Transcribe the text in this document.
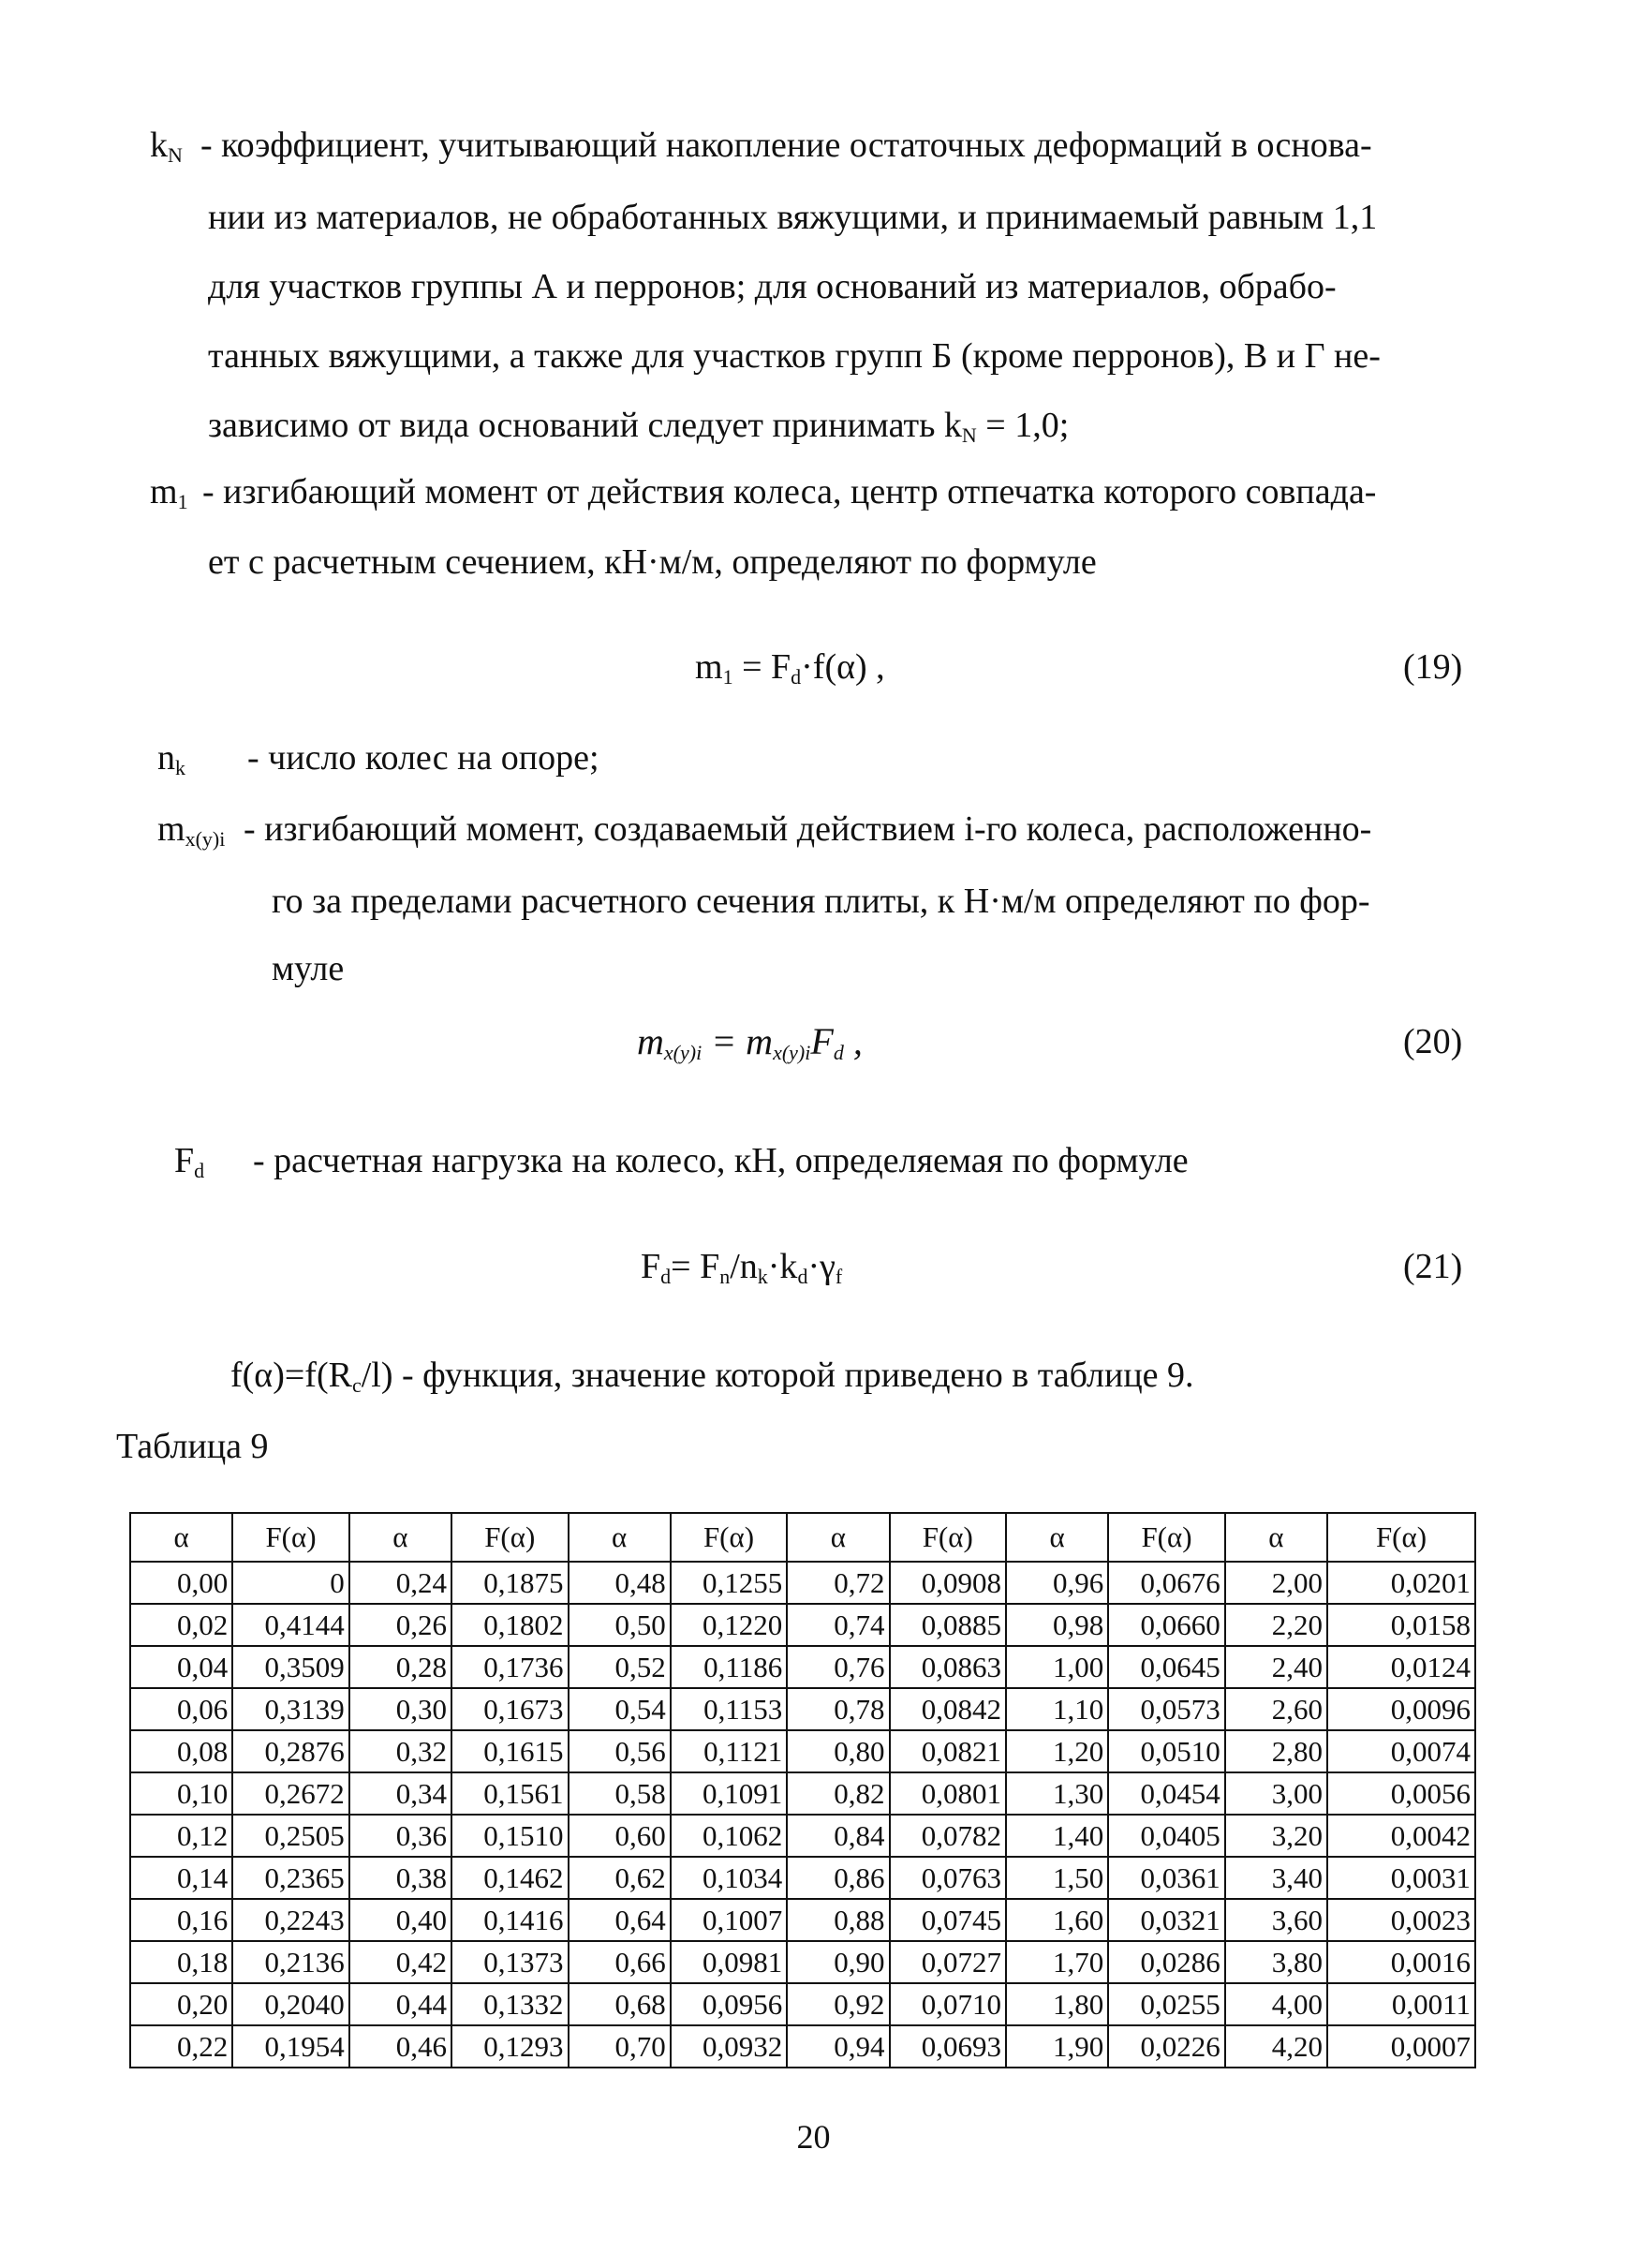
$k_N$ - коэффициент, учитывающий накопление остаточных деформаций в основа-
нии из материалов, не обработанных вяжущими, и принимаемый равным 1,1
для участков группы А и перронов; для оснований из материалов, обрабо-
танных вяжущими, а также для участков групп Б (кроме перронов), В и Г не-
зависимо от вида оснований следует принимать $k_N = 1,0$;
$m_1$ - изгибающий момент от действия колеса, центр отпечатка которого совпада-
ет с расчетным сечением, кН·м/м, определяют по формуле
$m_1 = F_d\cdot f(\alpha)$ ,	(19)
$n_k$ - число колес на опоре;
$m_{x(y)i}$ - изгибающий момент, создаваемый действием i-го колеса, расположенно-
го за пределами расчетного сечения плиты, к Н·м/м определяют по фор-
муле
$m_{x(y)i} = m_{x(y)i}F_d$ ,	(20)
$F_d$ - расчетная нагрузка на колесо, кН, определяемая по формуле
$F_d= F_n/n_k\cdot k_d\cdot\gamma_f$	(21)
$f(\alpha)=f(R_c/l)$ - функция, значение которой приведено в таблице 9.
Таблица 9
α	F(α)	α	F(α)	α	F(α)	α	F(α)	α	F(α)	α	F(α)
0,00	0	0,24	0,1875	0,48	0,1255	0,72	0,0908	0,96	0,0676	2,00	0,0201
0,02	0,4144	0,26	0,1802	0,50	0,1220	0,74	0,0885	0,98	0,0660	2,20	0,0158
0,04	0,3509	0,28	0,1736	0,52	0,1186	0,76	0,0863	1,00	0,0645	2,40	0,0124
0,06	0,3139	0,30	0,1673	0,54	0,1153	0,78	0,0842	1,10	0,0573	2,60	0,0096
0,08	0,2876	0,32	0,1615	0,56	0,1121	0,80	0,0821	1,20	0,0510	2,80	0,0074
0,10	0,2672	0,34	0,1561	0,58	0,1091	0,82	0,0801	1,30	0,0454	3,00	0,0056
0,12	0,2505	0,36	0,1510	0,60	0,1062	0,84	0,0782	1,40	0,0405	3,20	0,0042
0,14	0,2365	0,38	0,1462	0,62	0,1034	0,86	0,0763	1,50	0,0361	3,40	0,0031
0,16	0,2243	0,40	0,1416	0,64	0,1007	0,88	0,0745	1,60	0,0321	3,60	0,0023
0,18	0,2136	0,42	0,1373	0,66	0,0981	0,90	0,0727	1,70	0,0286	3,80	0,0016
0,20	0,2040	0,44	0,1332	0,68	0,0956	0,92	0,0710	1,80	0,0255	4,00	0,0011
0,22	0,1954	0,46	0,1293	0,70	0,0932	0,94	0,0693	1,90	0,0226	4,20	0,0007
20
